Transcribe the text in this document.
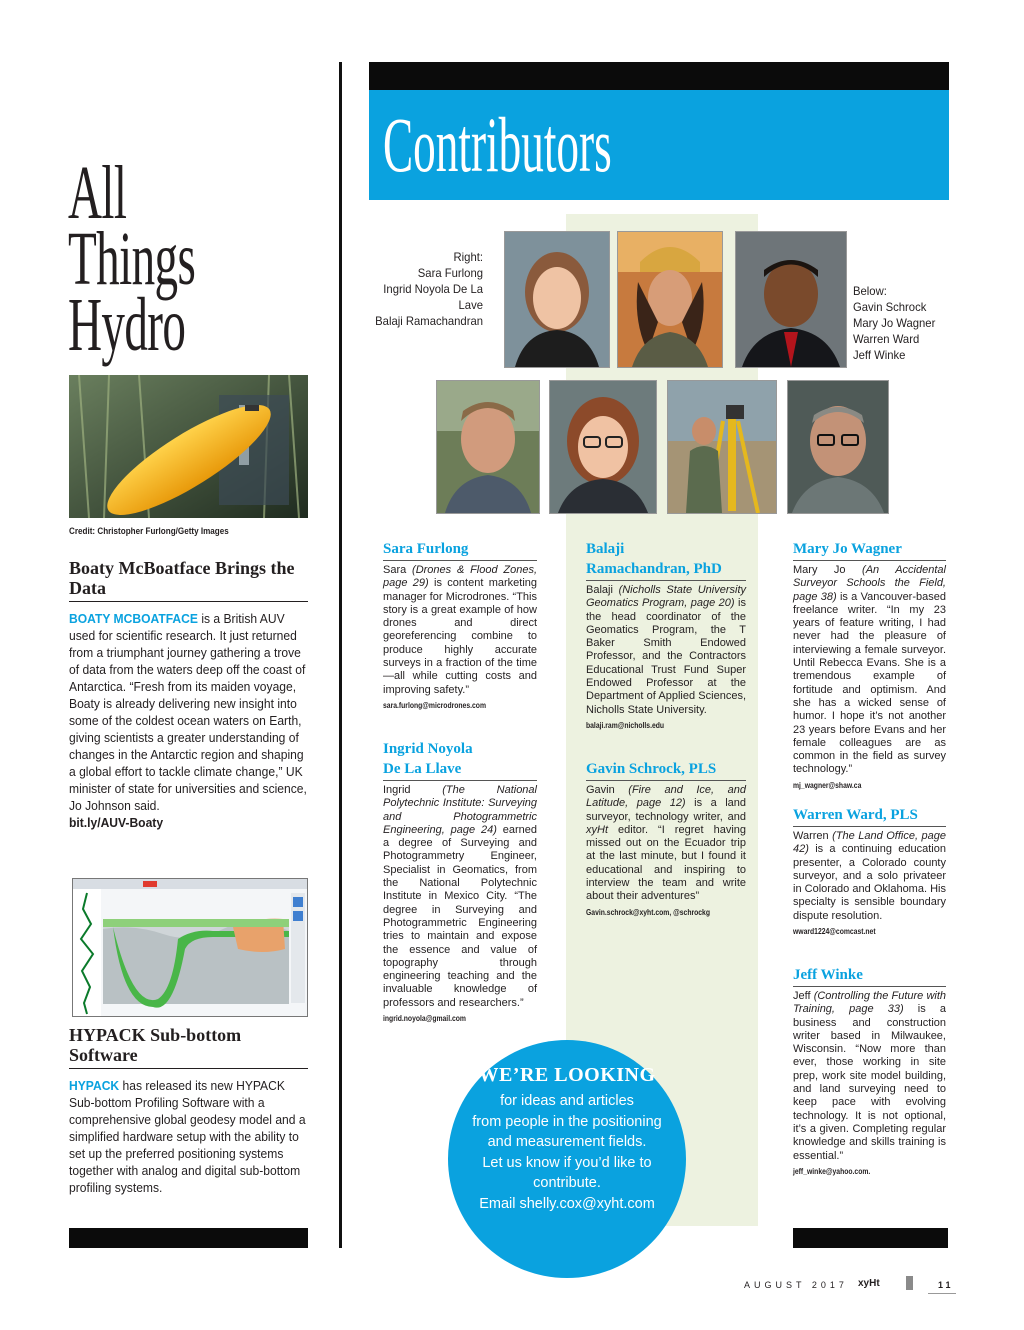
All Things
Hydro
Credit: Christopher Furlong/Getty Images
Boaty McBoatface Brings the Data
BOATY MCBOATFACE is a British AUV used for scientific research. It just returned from a triumphant journey gathering a trove of data from the waters deep off the coast of Antarctica. “Fresh from its maiden voyage, Boaty is already delivering new insight into some of the coldest ocean waters on Earth, giving scientists a greater understanding of changes in the Antarctic region and shaping a global effort to tackle climate change,” UK minister of state for universities and science, Jo Johnson said.
bit.ly/AUV-Boaty
HYPACK Sub-bottom Software
HYPACK has released its new HYPACK Sub-bottom Profiling Software with a comprehensive global geodesy model and a simplified hardware setup with the ability to set up the preferred positioning systems together with analog and digital sub-bottom profiling systems.
Contributors
Right:
Sara Furlong
Ingrid Noyola De La Lave
Balaji Ramachandran
Below:
Gavin Schrock
Mary Jo Wagner
Warren Ward
Jeff Winke
Sara Furlong
Sara (Drones & Flood Zones, page 29) is content marketing manager for Microdrones. “This story is a great example of how drones and direct georeferencing combine to produce highly accurate surveys in a fraction of the time—all while cutting costs and improving safety.”
sara.furlong@microdrones.com
Ingrid Noyola
De La Llave
Ingrid (The National Polytechnic Institute: Surveying and Photogrammetric Engineering, page 24) earned a degree of Surveying and Photogrammetry Engineer, Specialist in Geomatics, from the National Polytechnic Institute in Mexico City. “The degree in Surveying and Photogrammetric Engineering tries to maintain and expose the essence and value of topography through engineering teaching and the invaluable knowledge of professors and researchers.”
ingrid.noyola@gmail.com
Balaji
Ramachandran, PhD
Balaji (Nicholls State University Geomatics Program, page 20) is the head coordinator of the Geomatics Program, the T Baker Smith Endowed Professor, and the Contractors Educational Trust Fund Super Endowed Professor at the Department of Applied Sciences, Nicholls State University.
balaji.ram@nicholls.edu
Gavin Schrock, PLS
Gavin (Fire and Ice, and Latitude, page 12) is a land surveyor, technology writer, and xyHt editor. “I regret having missed out on the Ecuador trip at the last minute, but I found it educational and inspiring to interview the team and write about their adventures”
Gavin.schrock@xyht.com, @schrockg
Mary Jo Wagner
Mary Jo (An Accidental Surveyor Schools the Field, page 38) is a Vancouver-based freelance writer. “In my 23 years of feature writing, I had never had the pleasure of interviewing a female surveyor. Until Rebecca Evans. She is a tremendous example of fortitude and optimism. And she has a wicked sense of humor. I hope it’s not another 23 years before Evans and her female colleagues are as common in the field as survey technology.”
mj_wagner@shaw.ca
Warren Ward, PLS
Warren (The Land Office, page 42) is a continuing education presenter, a Colorado county surveyor, and a solo privateer in Colorado and Oklahoma. His specialty is sensible boundary dispute resolution.
wward1224@comcast.net
Jeff Winke
Jeff (Controlling the Future with Training, page 33) is a business and construction writer based in Milwaukee, Wisconsin. “Now more than ever, those working in site prep, work site model building, and land surveying need to keep pace with evolving technology. It is not optional, it’s a given. Completing regular knowledge and skills training is essential.”
jeff_winke@yahoo.com.
WE’RE LOOKING
for ideas and articles
from people in the positioning
and measurement fields.
Let us know if you’d like to
contribute.
Email shelly.cox@xyht.com
AUGUST 2017 xyHt	11
